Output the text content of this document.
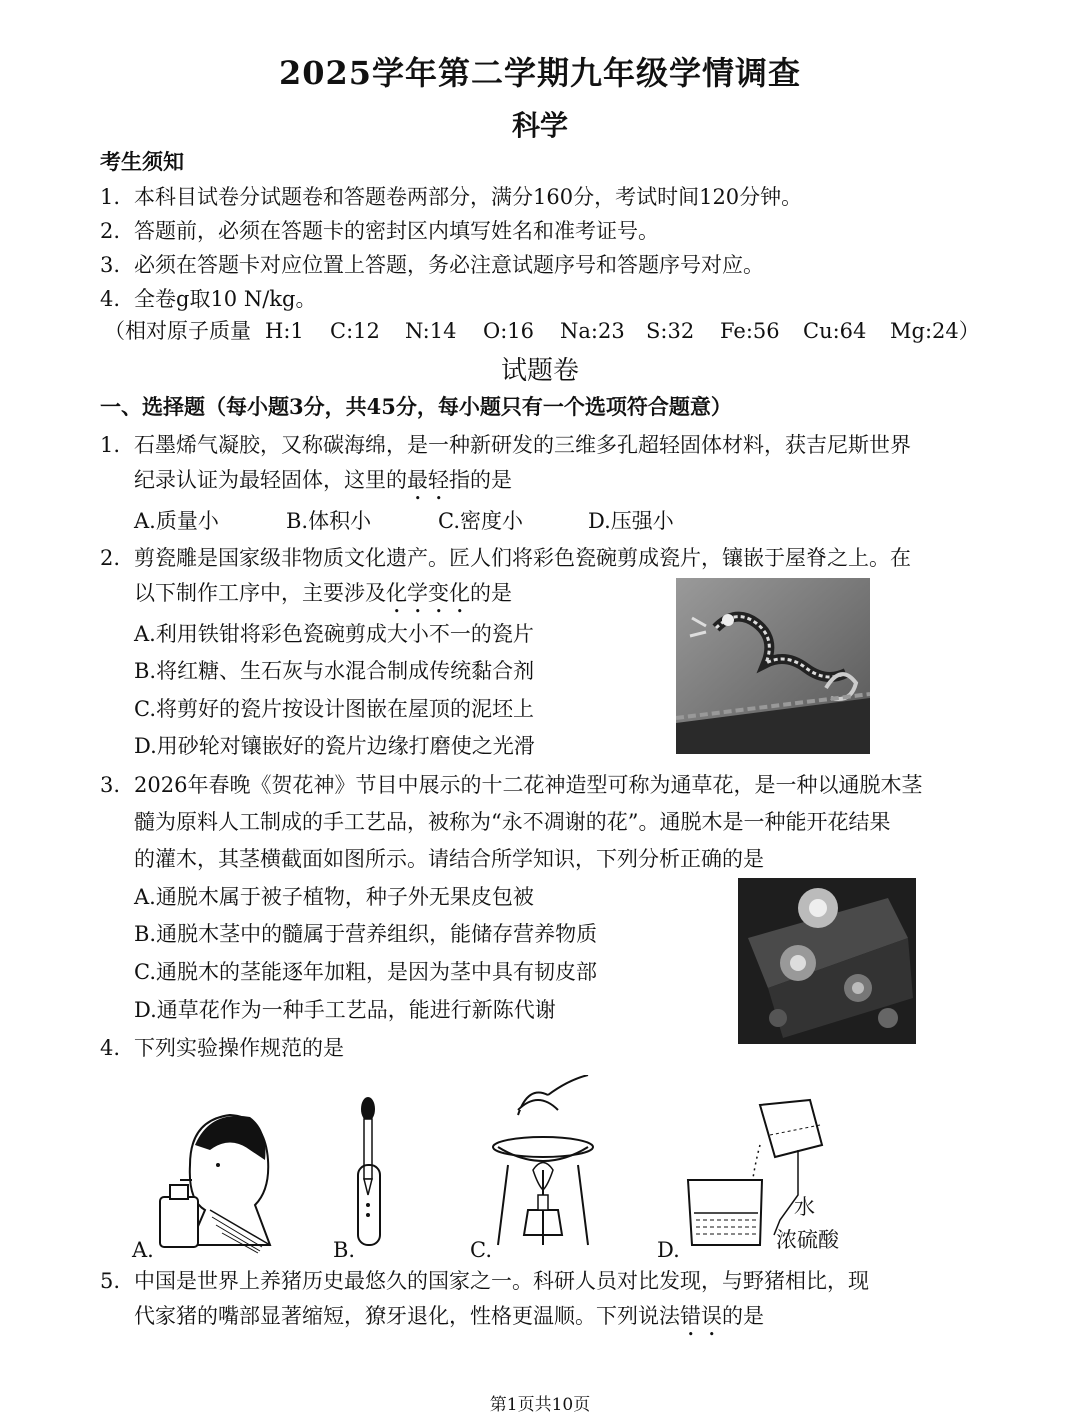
2025学年第二学期九年级学情调查
科学
考生须知
1. 本科目试卷分试题卷和答题卷两部分，满分160分，考试时间120分钟。
2. 答题前，必须在答题卡的密封区内填写姓名和准考证号。
3. 必须在答题卡对应位置上答题，务必注意试题序号和答题序号对应。
4. 全卷g取10 N/kg。
（相对原子质量 H:1 C:12 N:14 O:16 Na:23 S:32 Fe:56 Cu:64 Mg:24）
试题卷
一、选择题（每小题3分，共45分，每小题只有一个选项符合题意）
1. 石墨烯气凝胶，又称碳海绵，是一种新研发的三维多孔超轻固体材料，获吉尼斯世界
纪录认证为最轻固体，这里的最轻指的是
A.质量小	B.体积小	C.密度小	D.压强小
2. 剪瓷雕是国家级非物质文化遗产。匠人们将彩色瓷碗剪成瓷片，镶嵌于屋脊之上。在
以下制作工序中，主要涉及化学变化的是
A.利用铁钳将彩色瓷碗剪成大小不一的瓷片
B.将红糖、生石灰与水混合制成传统黏合剂
C.将剪好的瓷片按设计图嵌在屋顶的泥坯上
D.用砂轮对镶嵌好的瓷片边缘打磨使之光滑
3. 2026年春晚《贺花神》节目中展示的十二花神造型可称为通草花，是一种以通脱木茎
髓为原料人工制成的手工艺品，被称为“永不凋谢的花”。通脱木是一种能开花结果
的灌木，其茎横截面如图所示。请结合所学知识，下列分析正确的是
A.通脱木属于被子植物，种子外无果皮包被
B.通脱木茎中的髓属于营养组织，能储存营养物质
C.通脱木的茎能逐年加粗，是因为茎中具有韧皮部
D.通草花作为一种手工艺品，能进行新陈代谢
4. 下列实验操作规范的是
A.	B.	C.
水
浓硫酸
D.
5. 中国是世界上养猪历史最悠久的国家之一。科研人员对比发现，与野猪相比，现
代家猪的嘴部显著缩短，獠牙退化，性格更温顺。下列说法错误的是
第1页共10页
